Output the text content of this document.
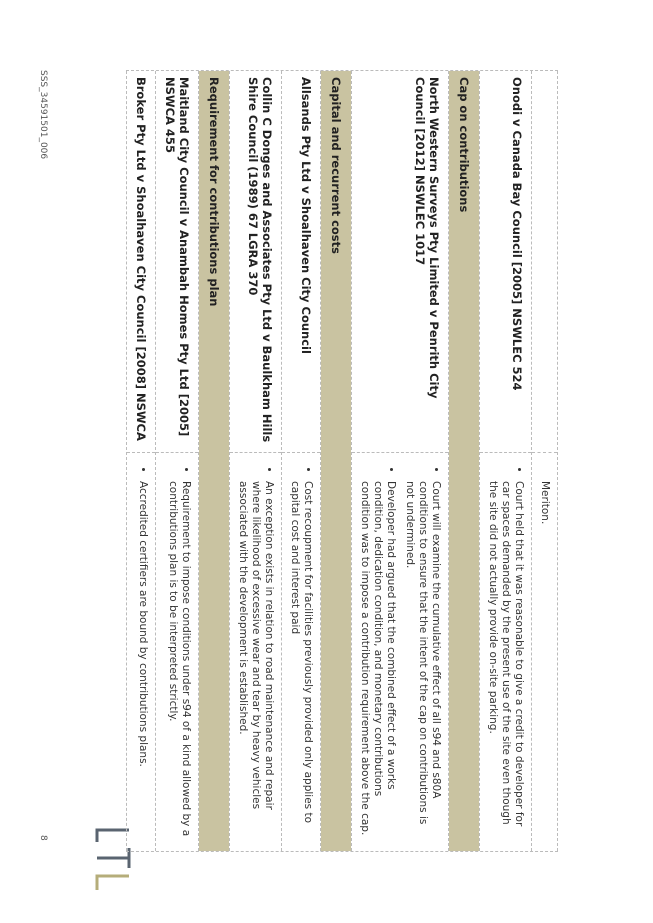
Meriton.
Onodi v Canada Bay Council [2005] NSWLEC 524
• Court held that it was reasonable to give a credit to developer for car spaces demanded by the present use of the site even though the site did not actually provide on-site parking.
Cap on contributions
North Western Surveys Pty Limited v Penrith City Council [2012] NSWLEC 1017
• Court will examine the cumulative effect of all s94 and s80A conditions to ensure that the intent of the cap on contributions is not undermined.
• Developer had argued that the combined effect of a works condition, dedication condition, and monetary contributions condition was to impose a contribution requirement above the cap.
Capital and recurrent costs
Allsands Pty Ltd v Shoalhaven City Council
• Cost recoupment for facilities previously provided only applies to capital cost and interest paid
Collin C Donges and Associates Pty Ltd v Baulkham Hills Shire Council (1989) 67 LGRA 370
• An exception exists in relation to road maintenance and repair where likelihood of excessive wear and tear by heavy vehicles associated with the development is established.
Requirement for contributions plan
Maitland City Council v Anambah Homes Pty Ltd [2005] NSWCA 455
• Requirement to impose conditions under s94 of a kind allowed by a contributions plan is to be interpreted strictly.
Broker Pty Ltd v Shoalhaven City Council [2008] NSWCA
• Accredited certifiers are bound by contributions plans.
SSS_34591501_006
8
